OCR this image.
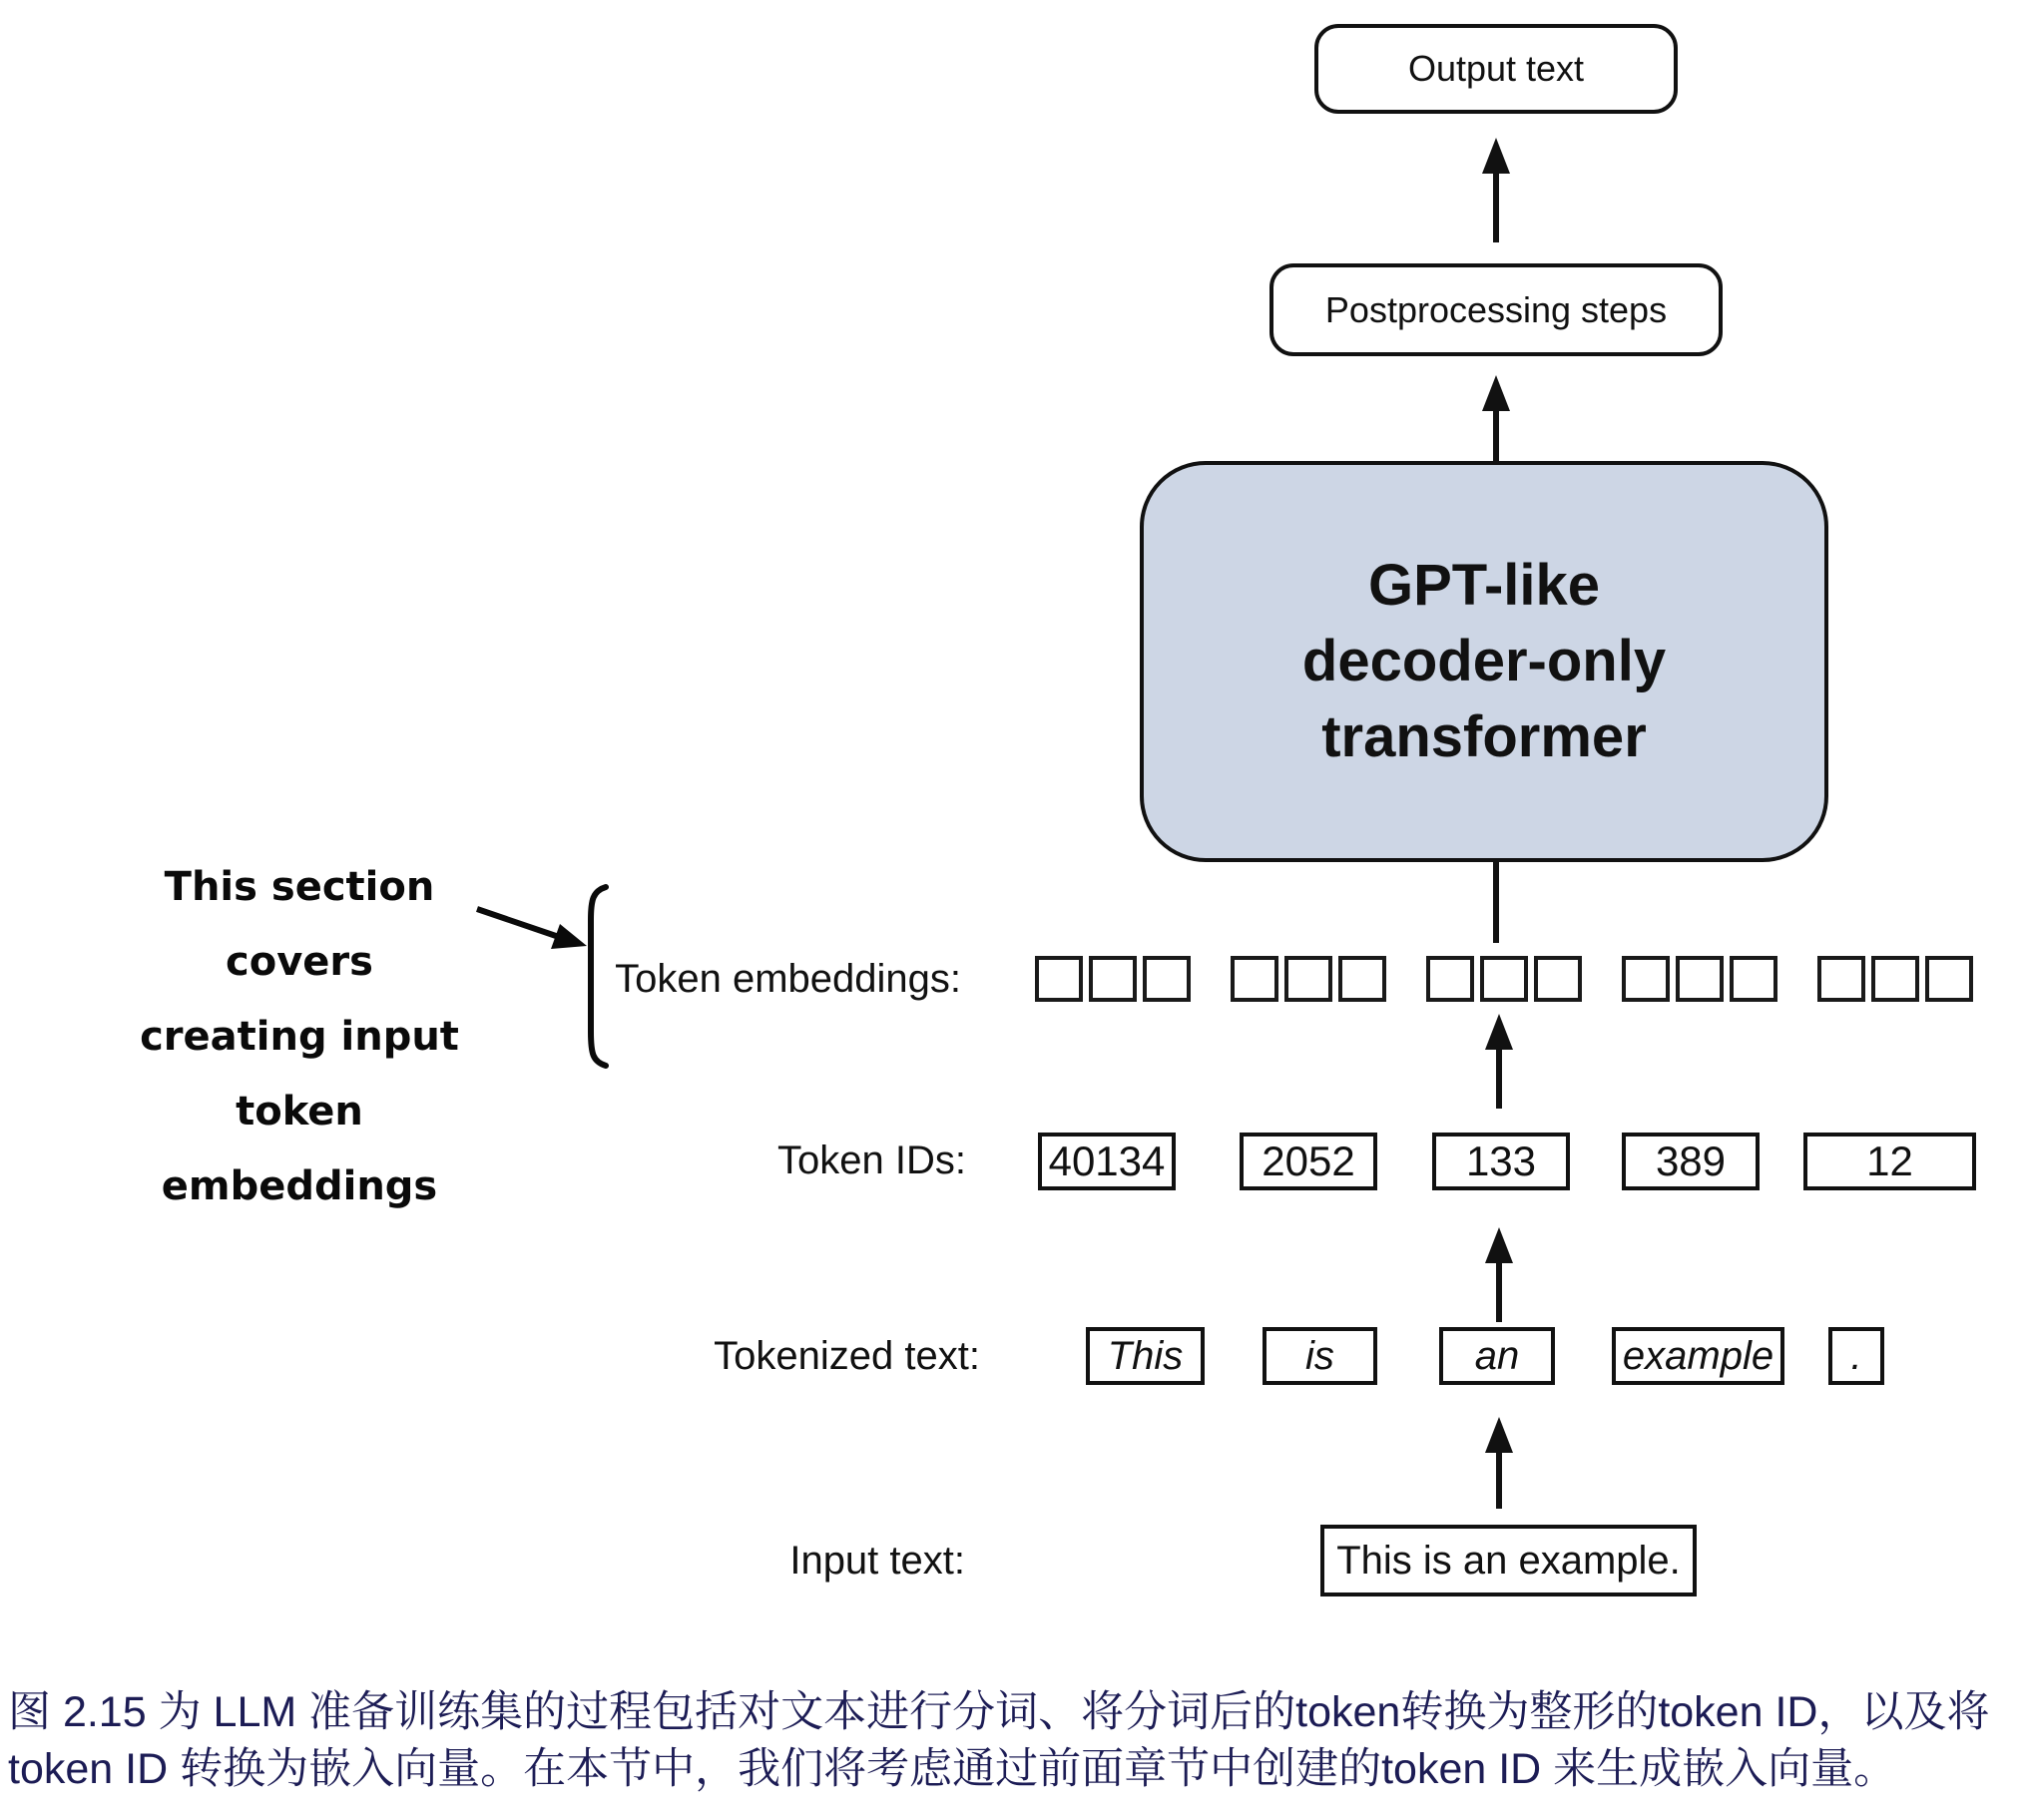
Output text
Postprocessing steps
GPT-like
decoder-only
transformer
This section covers
creating input token
embeddings
Token embeddings:
Token IDs: 40134 2052	133	389	12
Tokenized text:	This	is	an	example .
Input text:	This is an example.
图 2.15 为 LLM 准备训练集的过程包括对文本进行分词、将分词后的token转换为整形的token ID，以及将
token ID 转换为嵌入向量。在本节中，我们将考虑通过前面章节中创建的token ID 来生成嵌入向量。
